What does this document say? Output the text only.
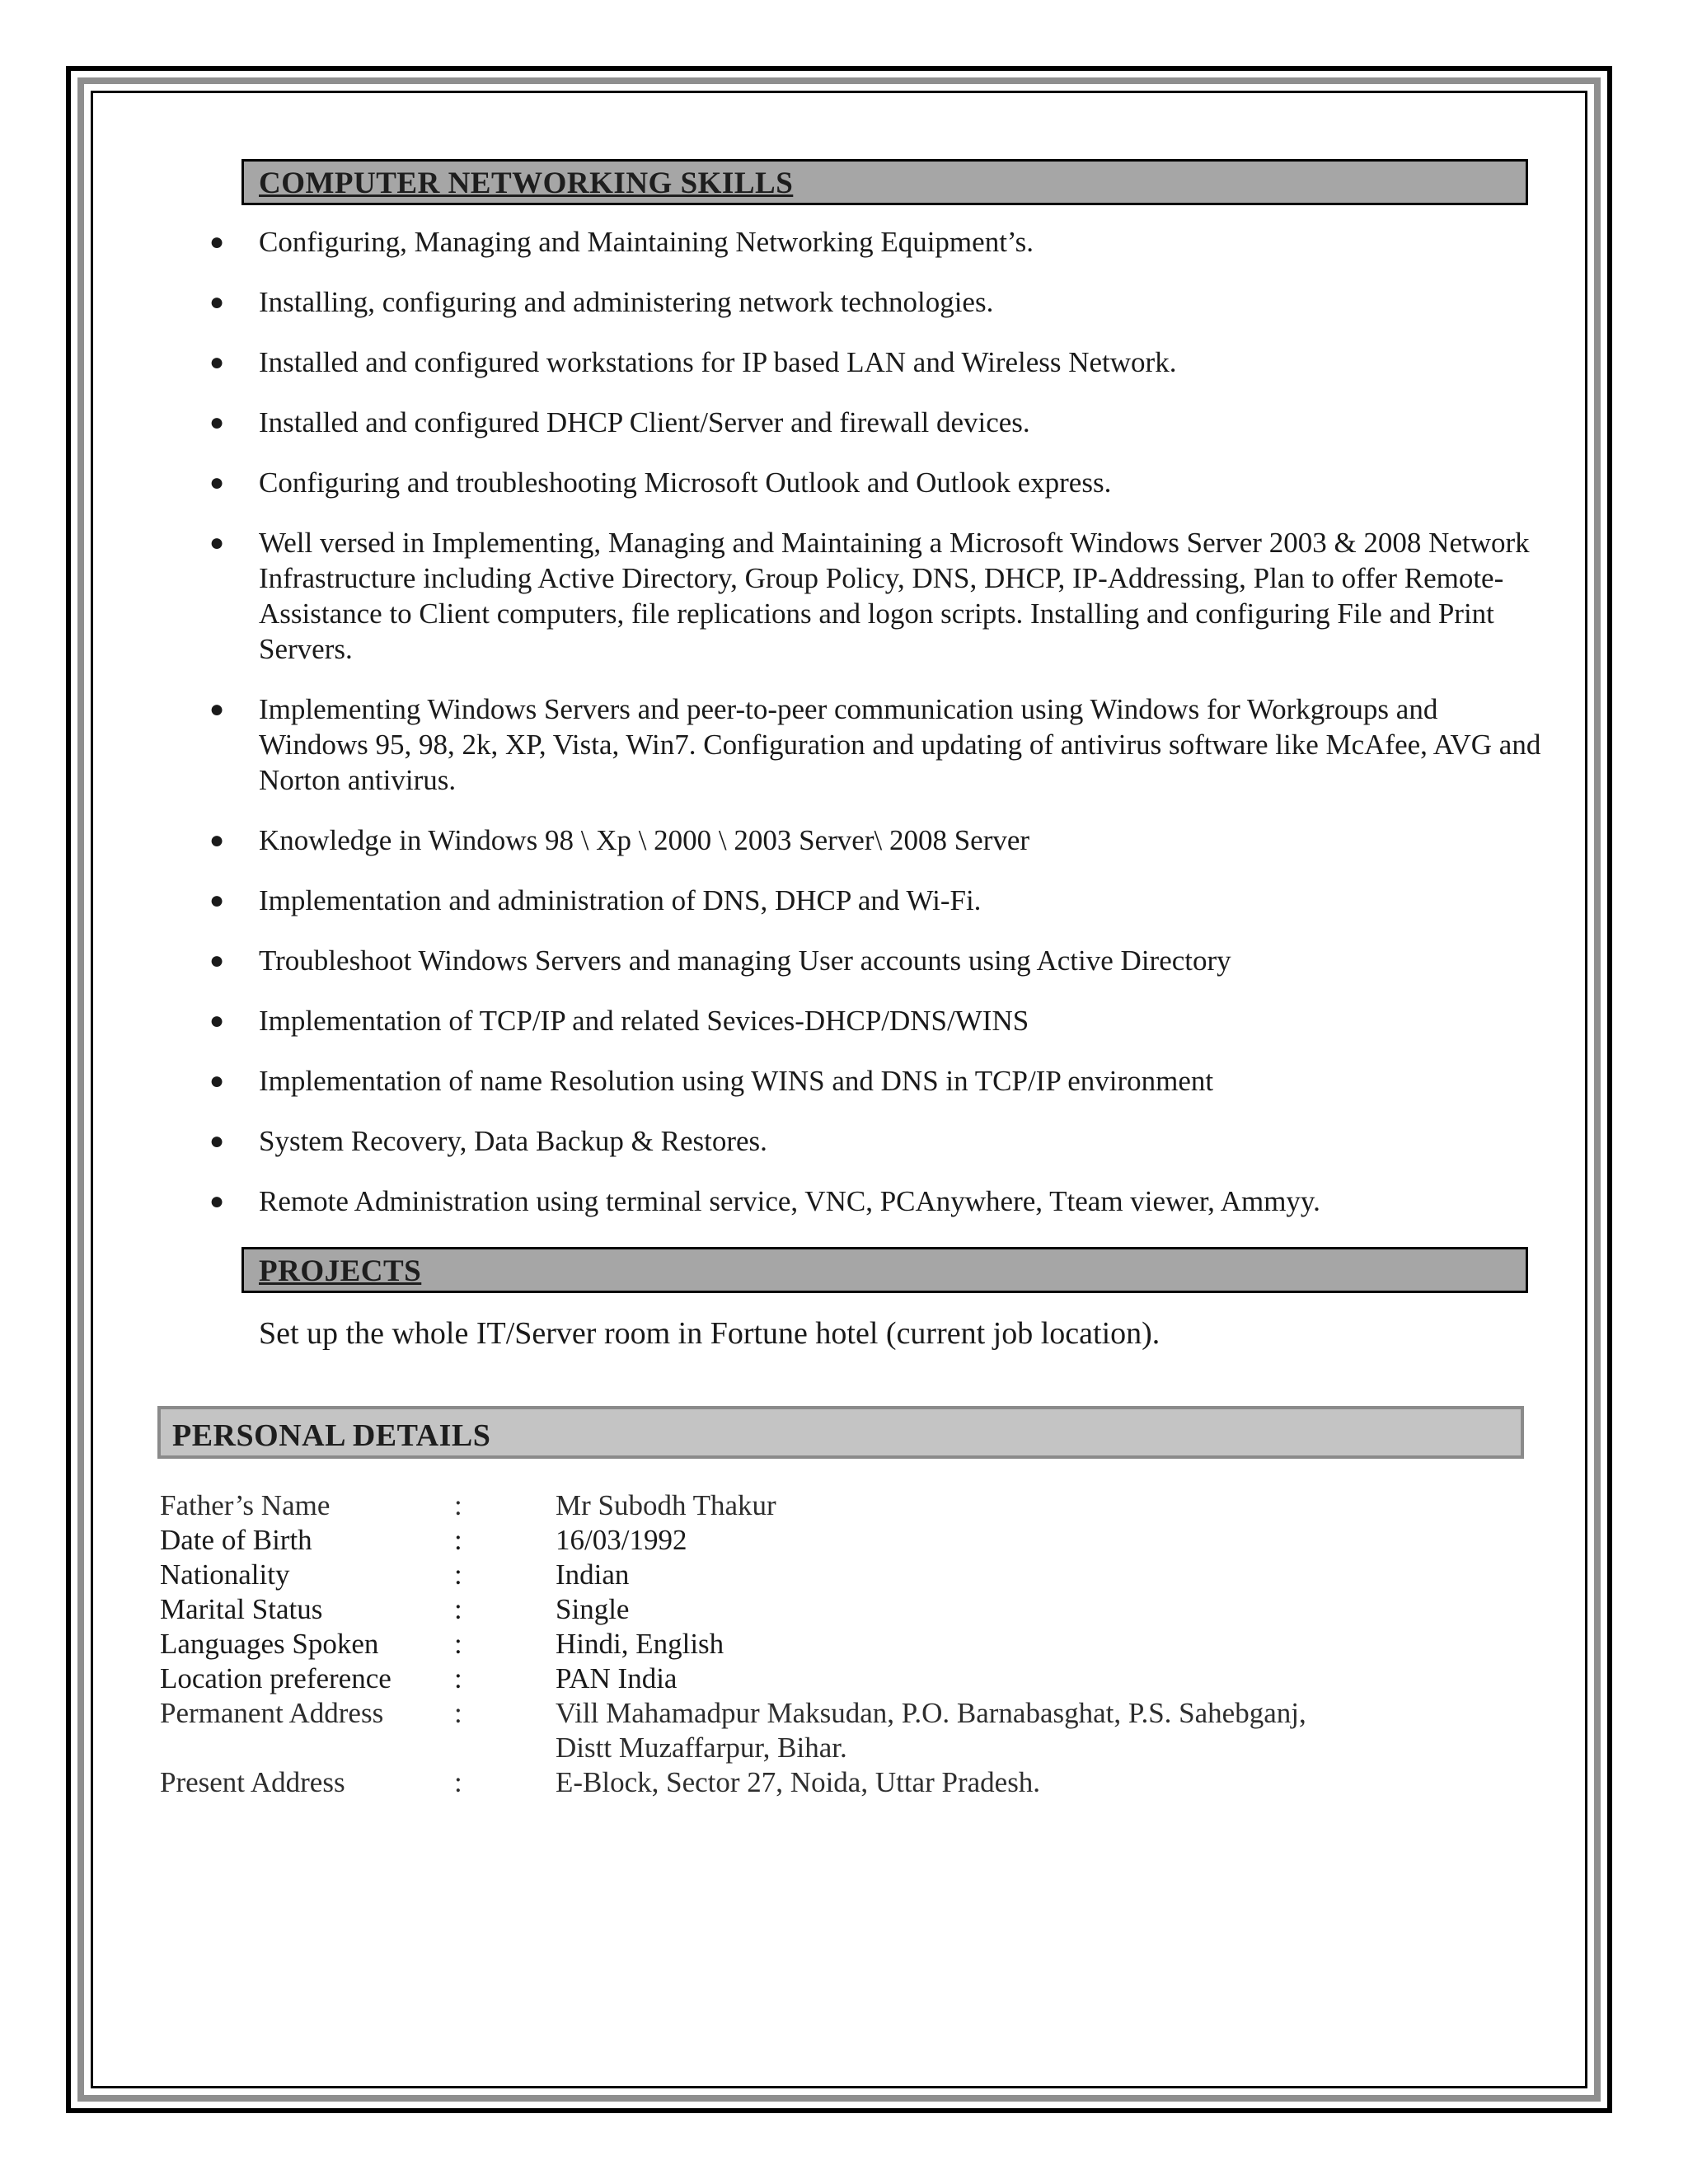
COMPUTER NETWORKING SKILLS
● Configuring, Managing and Maintaining Networking Equipment’s.
● Installing, configuring and administering network technologies.
● Installed and configured workstations for IP based LAN and Wireless Network.
● Installed and configured DHCP Client/Server and firewall devices.
● Configuring and troubleshooting Microsoft Outlook and Outlook express.
● Well versed in Implementing, Managing and Maintaining a Microsoft Windows Server 2003 & 2008 Network Infrastructure including Active Directory, Group Policy, DNS, DHCP, IP-Addressing, Plan to offer Remote-Assistance to Client computers, file replications and logon scripts. Installing and configuring File and Print Servers.
● Implementing Windows Servers and peer-to-peer communication using Windows for Workgroups and Windows 95, 98, 2k, XP, Vista, Win7. Configuration and updating of antivirus software like McAfee, AVG and Norton antivirus.
● Knowledge in Windows 98 \ Xp \ 2000 \ 2003 Server\ 2008 Server
● Implementation and administration of DNS, DHCP and Wi-Fi.
● Troubleshoot Windows Servers and managing User accounts using Active Directory
● Implementation of TCP/IP and related Sevices-DHCP/DNS/WINS
● Implementation of name Resolution using WINS and DNS in TCP/IP environment
● System Recovery, Data Backup & Restores.
● Remote Administration using terminal service, VNC, PCAnywhere, Tteam viewer, Ammyy.
PROJECTS
Set up the whole IT/Server room in Fortune hotel (current job location).
PERSONAL DETAILS
Father’s Name	:	Mr Subodh Thakur
Date of Birth	:	16/03/1992
Nationality	:	Indian
Marital Status	:	Single
Languages Spoken	:	Hindi, English
Location preference :	PAN India
Permanent Address :	Vill Mahamadpur Maksudan, P.O. Barnabasghat, P.S. Sahebganj,
Distt Muzaffarpur, Bihar.
Present Address	:	E-Block, Sector 27, Noida, Uttar Pradesh.
